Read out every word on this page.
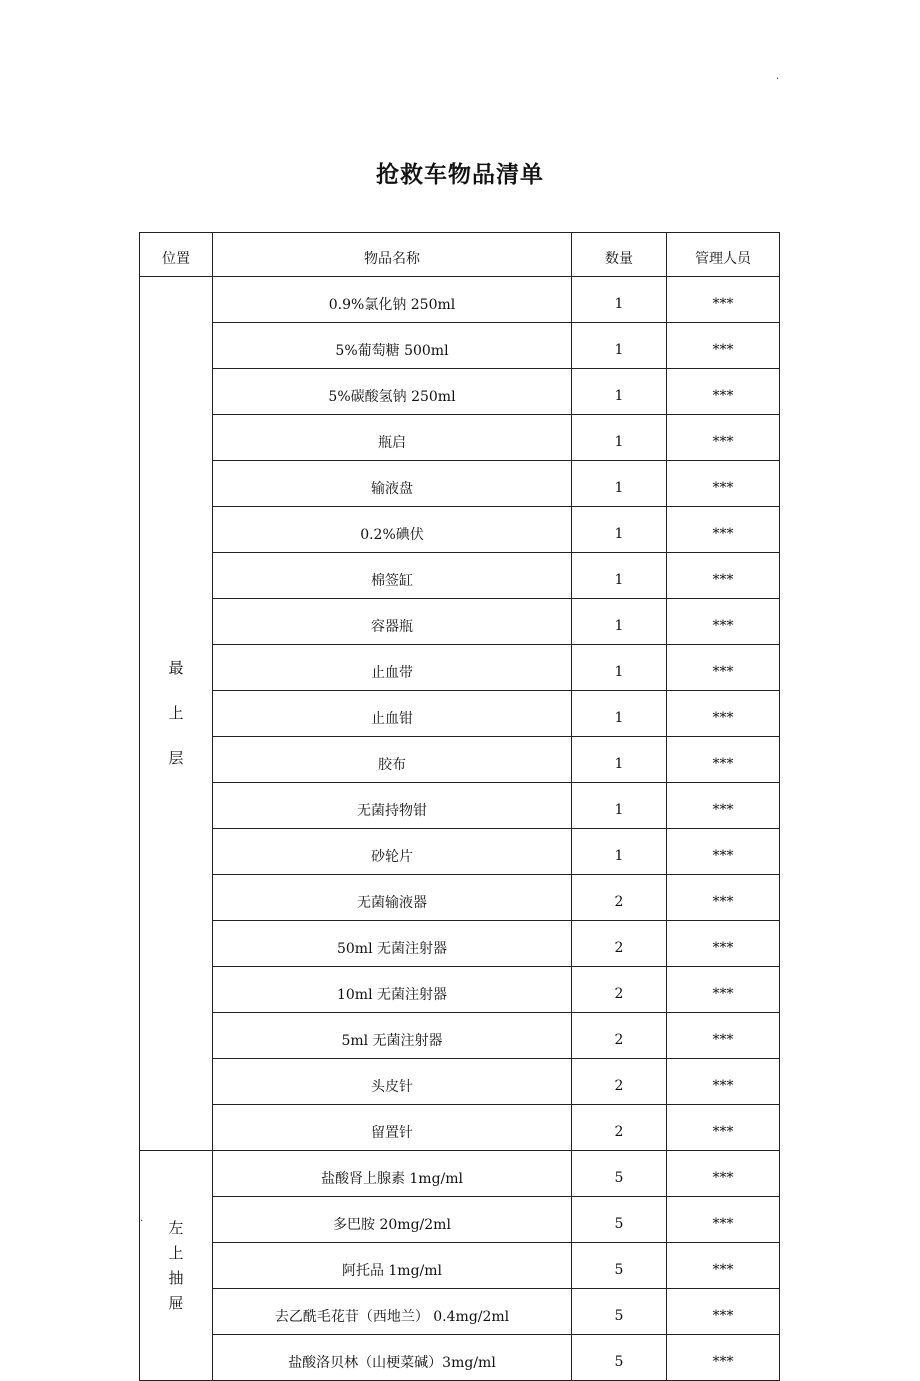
.
.
抢救车物品清单
位置	物品名称	数量	管理人员

最
上
层	0.9%氯化钠 250ml	1	***
	5%葡萄糖 500ml	1	***
	5%碳酸氢钠 250ml	1	***
	瓶启	1	***
	输液盘	1	***
	0.2%碘伏	1	***
	棉签缸	1	***
	容器瓶	1	***
	止血带	1	***
	止血钳	1	***
	胶布	1	***
	无菌持物钳	1	***
	砂轮片	1	***
	无菌输液器	2	***
	50ml 无菌注射器	2	***
	10ml 无菌注射器	2	***
	5ml 无菌注射器	2	***
	头皮针	2	***
	留置针	2	***

左
上
抽
屉	盐酸肾上腺素 1mg/ml	5	***
	多巴胺 20mg/2ml	5	***
	阿托品 1mg/ml	5	***
	去乙酰毛花苷（西地兰） 0.4mg/2ml	5	***
	盐酸洛贝林（山梗菜碱）3mg/ml	5	***
